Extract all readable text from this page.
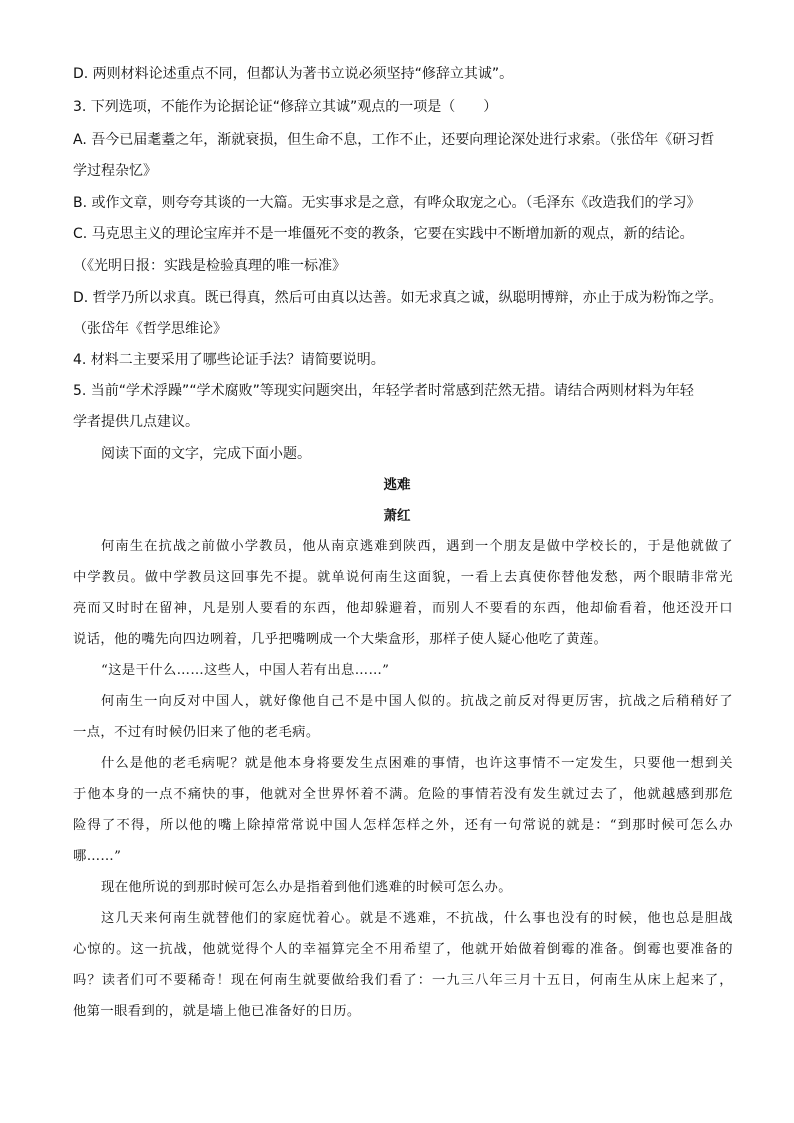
D. 两则材料论述重点不同，但都认为著书立说必须坚持“修辞立其诚”。
3. 下列选项，不能作为论据论证“修辞立其诚”观点的一项是（　　）
A. 吾今已届耄耋之年，渐就衰损，但生命不息，工作不止，还要向理论深处进行求索。（张岱年《研习哲
学过程杂忆》
B. 或作文章，则夸夸其谈的一大篇。无实事求是之意，有哗众取宠之心。（毛泽东《改造我们的学习》
C. 马克思主义的理论宝库并不是一堆僵死不变的教条，它要在实践中不断增加新的观点，新的结论。
（《光明日报：实践是检验真理的唯一标准》
D. 哲学乃所以求真。既已得真，然后可由真以达善。如无求真之诚，纵聪明博辩，亦止于成为粉饰之学。
（张岱年《哲学思维论》
4. 材料二主要采用了哪些论证手法？请简要说明。
5. 当前“学术浮躁”“学术腐败”等现实问题突出，年轻学者时常感到茫然无措。请结合两则材料为年轻
学者提供几点建议。
阅读下面的文字，完成下面小题。
逃难
萧红
何南生在抗战之前做小学教员，他从南京逃难到陕西，遇到一个朋友是做中学校长的，于是他就做了
中学教员。做中学教员这回事先不提。就单说何南生这面貌，一看上去真使你替他发愁，两个眼睛非常光
亮而又时时在留神，凡是别人要看的东西，他却躲避着，而别人不要看的东西，他却偷看着，他还没开口
说话，他的嘴先向四边咧着，几乎把嘴咧成一个大柴盒形，那样子使人疑心他吃了黄莲。
“这是干什么……这些人，中国人若有出息……”
何南生一向反对中国人，就好像他自己不是中国人似的。抗战之前反对得更厉害，抗战之后稍稍好了
一点，不过有时候仍旧来了他的老毛病。
什么是他的老毛病呢？就是他本身将要发生点困难的事情，也许这事情不一定发生，只要他一想到关
于他本身的一点不痛快的事，他就对全世界怀着不满。危险的事情若没有发生就过去了，他就越感到那危
险得了不得，所以他的嘴上除掉常常说中国人怎样怎样之外，还有一句常说的就是：“到那时候可怎么办
哪……”
现在他所说的到那时候可怎么办是指着到他们逃难的时候可怎么办。
这几天来何南生就替他们的家庭忧着心。就是不逃难，不抗战，什么事也没有的时候，他也总是胆战
心惊的。这一抗战，他就觉得个人的幸福算完全不用希望了，他就开始做着倒霉的准备。倒霉也要准备的
吗？读者们可不要稀奇！现在何南生就要做给我们看了：一九三八年三月十五日，何南生从床上起来了，
他第一眼看到的，就是墙上他已准备好的日历。
